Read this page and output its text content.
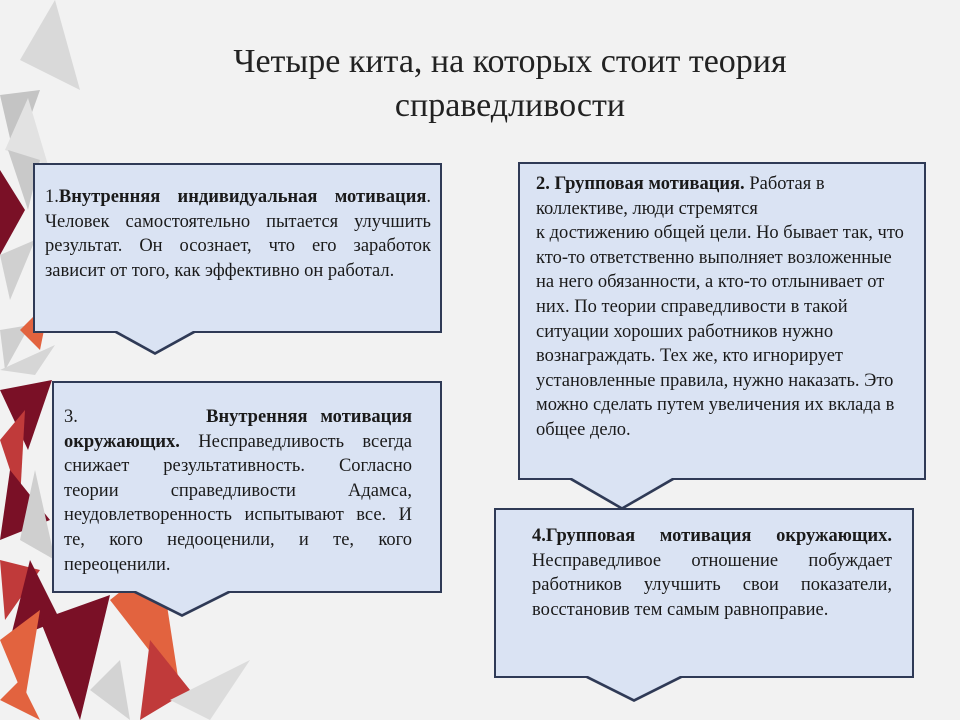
Четыре кита, на которых стоит теория
справедливости
1.Внутренняя индивидуальная мотивация. Человек самостоятельно пытается улучшить результат. Он осознает, что его заработок зависит от того, как эффективно он работал.
2. Групповая мотивация. Работая в
коллективе, люди стремятся
к достижению общей цели. Но бывает так, что кто-то ответственно выполняет возложенные на него обязанности, а кто-то отлынивает от них. По теории справедливости в такой ситуации хороших работников нужно вознаграждать. Тех же, кто игнорирует установленные правила, нужно наказать. Это можно сделать путем увеличения их вклада в общее дело.
3.	Внутренняя мотивация окружающих. Несправедливость всегда снижает результативность. Согласно теории справедливости Адамса, неудовлетворенность испытывают все. И те, кого недооценили, и те, кого переоценили.
4.Групповая мотивация окружающих. Несправедливое отношение побуждает работников улучшить свои показатели, восстановив тем самым равноправие.
